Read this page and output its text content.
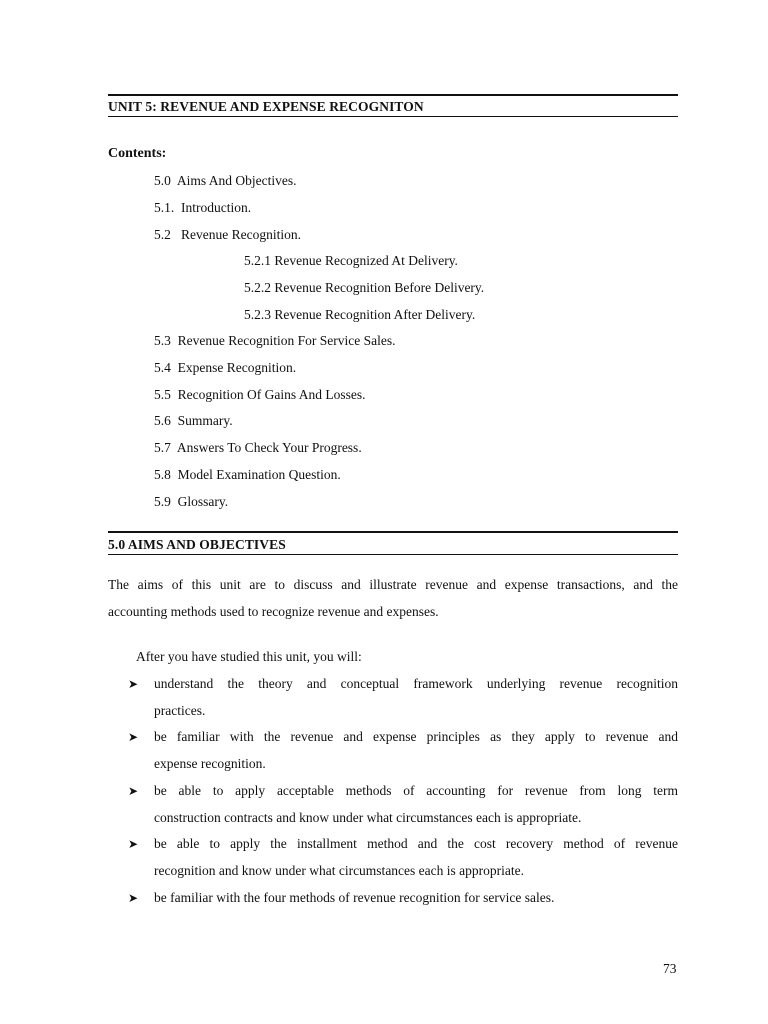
UNIT 5: REVENUE AND EXPENSE RECOGNITON
Contents:
5.0  Aims And Objectives.
5.1.  Introduction.
5.2   Revenue Recognition.
5.2.1 Revenue Recognized At Delivery.
5.2.2 Revenue Recognition Before Delivery.
5.2.3 Revenue Recognition After Delivery.
5.3  Revenue Recognition For Service Sales.
5.4  Expense Recognition.
5.5  Recognition Of Gains And Losses.
5.6  Summary.
5.7  Answers To Check Your Progress.
5.8  Model Examination Question.
5.9  Glossary.
5.0 AIMS AND OBJECTIVES
The aims of this unit are to discuss and illustrate revenue and expense transactions, and the
accounting methods used to recognize revenue and expenses.
After you have studied this unit, you will:
➤ understand the theory and conceptual framework underlying revenue recognition
practices.
➤ be familiar with the revenue and expense principles as they apply to revenue and
expense recognition.
➤ be able to apply acceptable methods of accounting for revenue from long term
construction contracts and know under what circumstances each is appropriate.
➤ be able to apply the installment method and the cost recovery method of revenue
recognition and know under what circumstances each is appropriate.
➤ be familiar with the four methods of revenue recognition for service sales.
73
